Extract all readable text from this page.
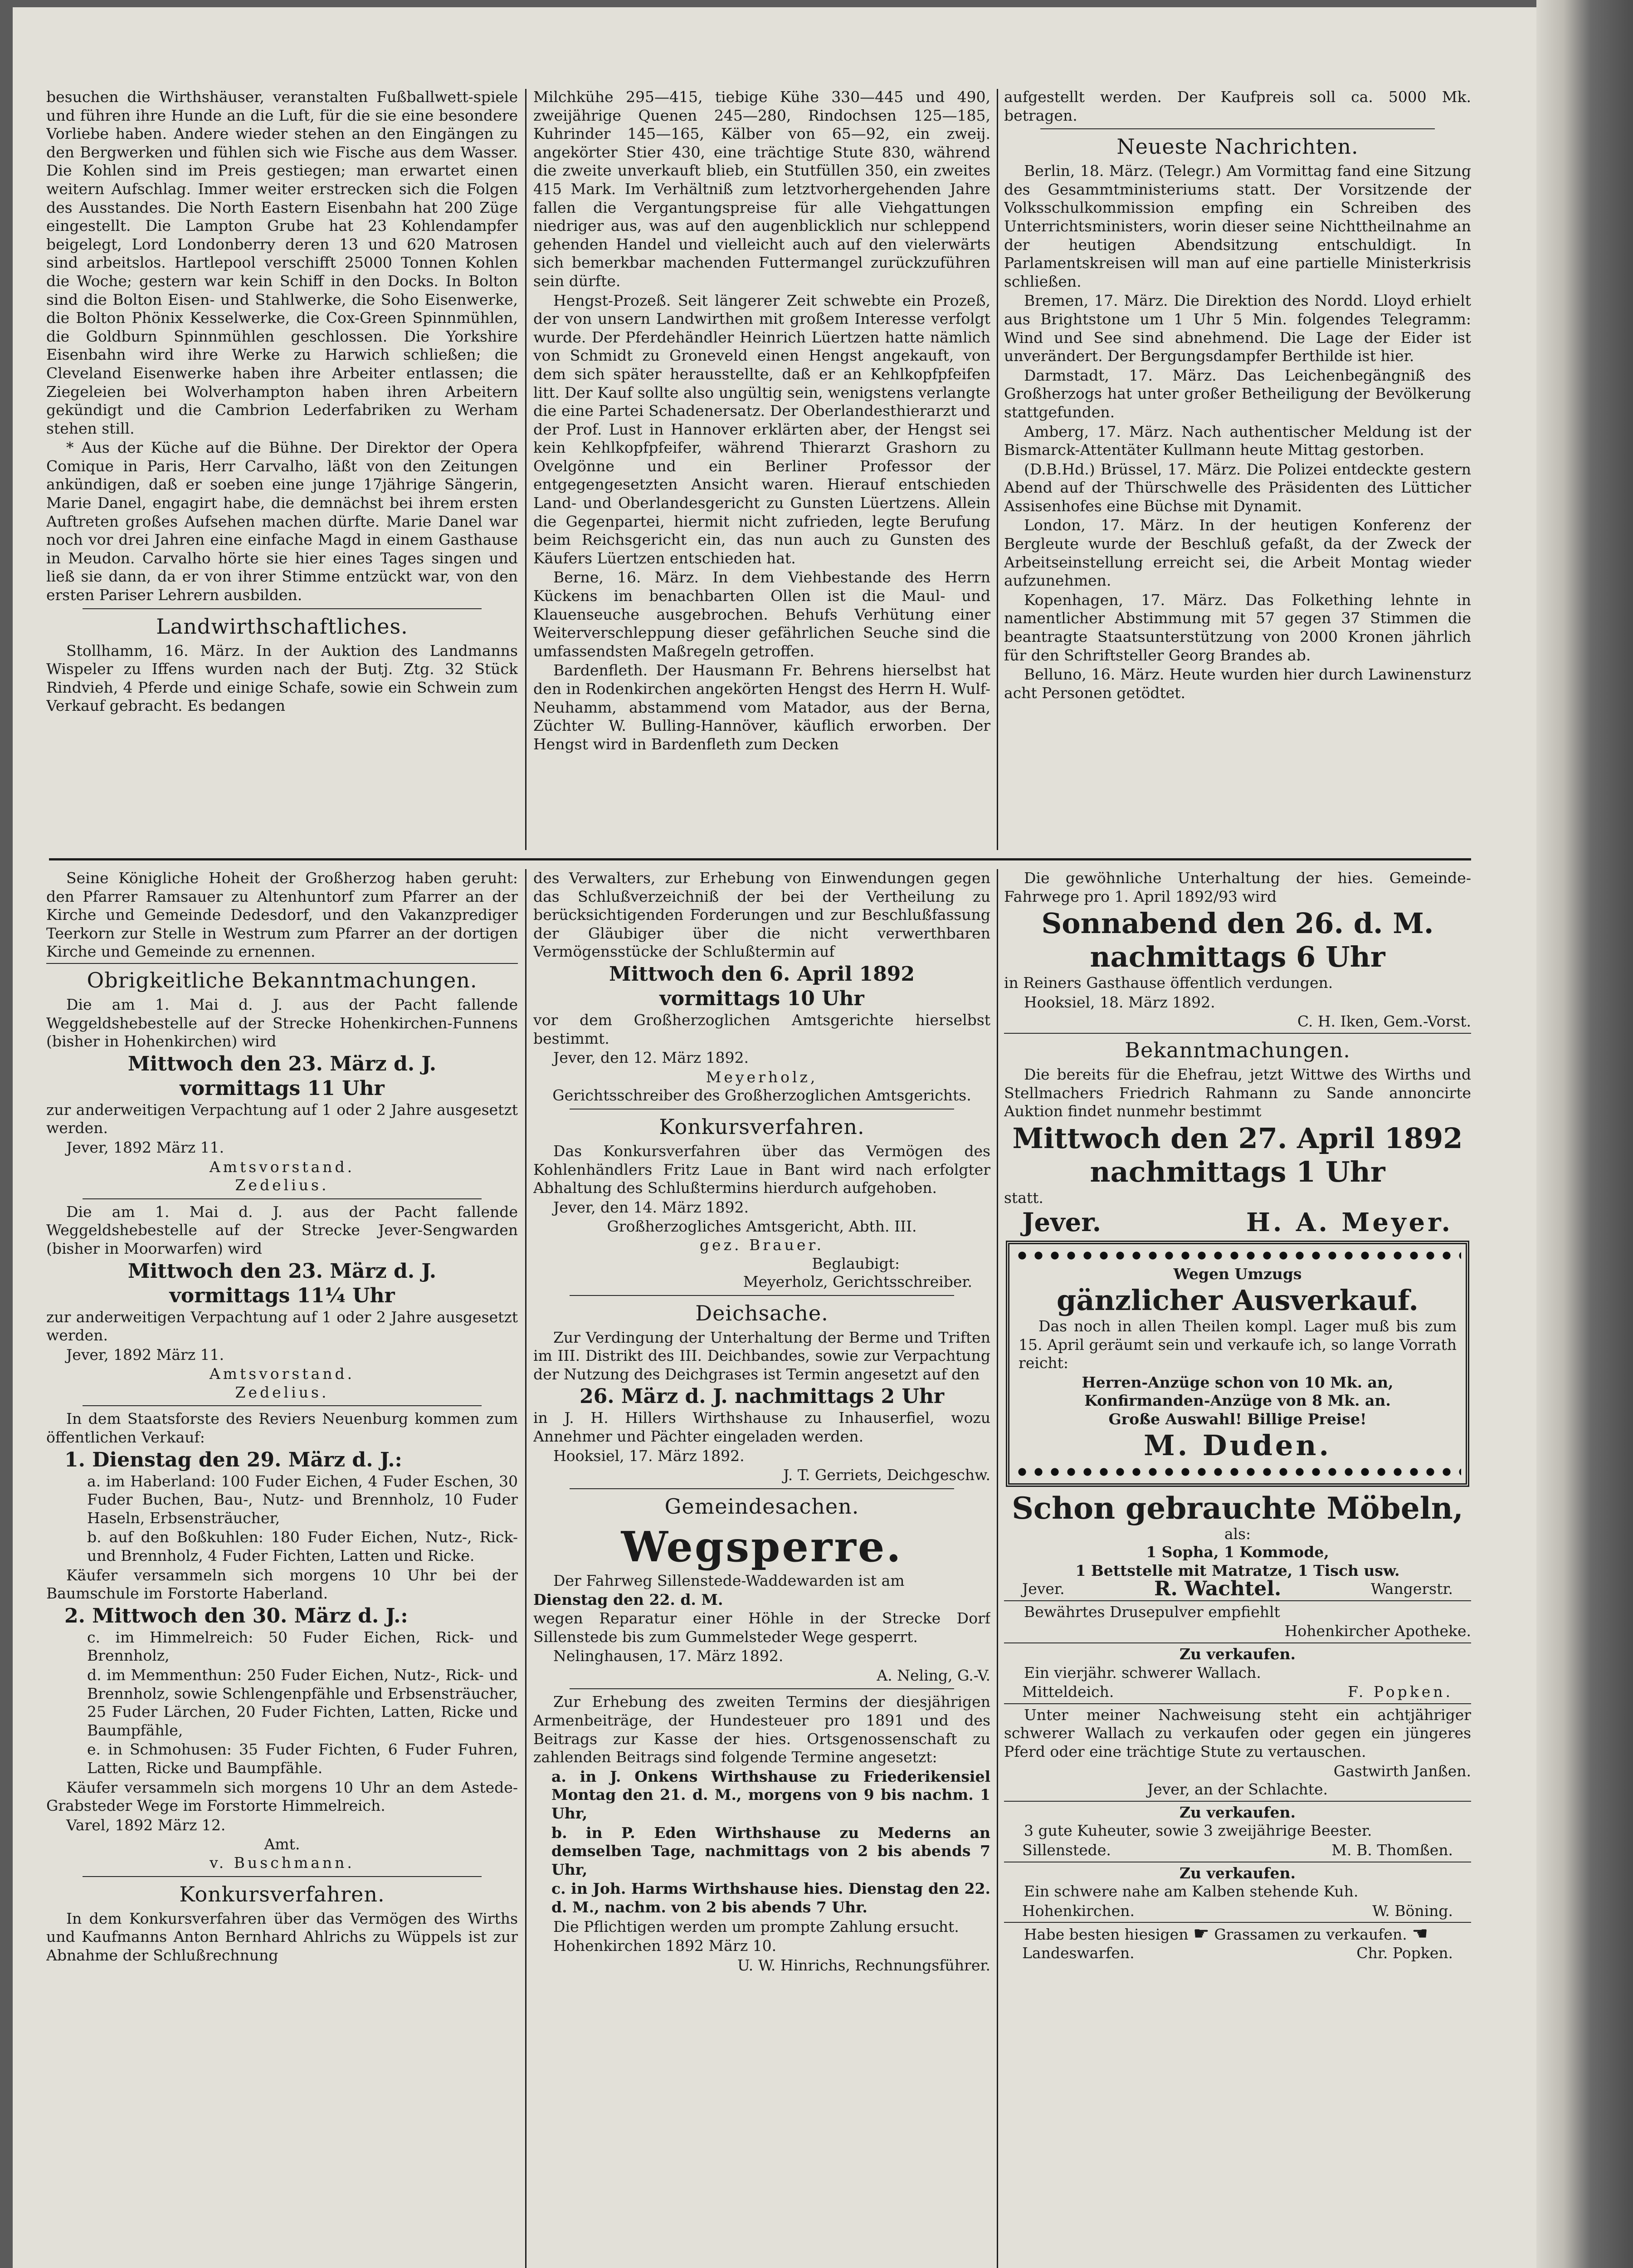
besuchen die Wirthshäuser, veranstalten Fußballwett-spiele und führen ihre Hunde an die Luft, für die sie eine besondere Vorliebe haben. Andere wieder stehen an den Eingängen zu den Bergwerken und fühlen sich wie Fische aus dem Wasser. Die Kohlen sind im Preis gestiegen; man erwartet einen weitern Aufschlag. Immer weiter erstrecken sich die Folgen des Ausstandes. Die North Eastern Eisenbahn hat 200 Züge eingestellt. Die Lampton Grube hat 23 Kohlendampfer beigelegt, Lord Londonberry deren 13 und 620 Matrosen sind arbeitslos. Hartlepool verschifft 25000 Tonnen Kohlen die Woche; gestern war kein Schiff in den Docks. In Bolton sind die Bolton Eisen- und Stahlwerke, die Soho Eisenwerke, die Bolton Phönix Kesselwerke, die Cox-Green Spinnmühlen, die Goldburn Spinnmühlen geschlossen. Die Yorkshire Eisenbahn wird ihre Werke zu Harwich schließen; die Cleveland Eisenwerke haben ihre Arbeiter entlassen; die Ziegeleien bei Wolverhampton haben ihren Arbeitern gekündigt und die Cambrion Lederfabriken zu Werham stehen still.

* Aus der Küche auf die Bühne. Der Direktor der Opera Comique in Paris, Herr Carvalho, läßt von den Zeitungen ankündigen, daß er soeben eine junge 17jährige Sängerin, Marie Danel, engagirt habe, die demnächst bei ihrem ersten Auftreten großes Aufsehen machen dürfte. Marie Danel war noch vor drei Jahren eine einfache Magd in einem Gasthause in Meudon. Carvalho hörte sie hier eines Tages singen und ließ sie dann, da er von ihrer Stimme entzückt war, von den ersten Pariser Lehrern ausbilden.

Landwirthschaftliches.

Stollhamm, 16. März. In der Auktion des Landmanns Wispeler zu Iffens wurden nach der Butj. Ztg. 32 Stück Rindvieh, 4 Pferde und einige Schafe, sowie ein Schwein zum Verkauf gebracht. Es bedangen

Milchkühe 295—415, tiebige Kühe 330—445 und 490, zweijährige Quenen 245—280, Rindochsen 125—185, Kuhrinder 145—165, Kälber von 65—92, ein zweij. angekörter Stier 430, eine trächtige Stute 830, während die zweite unverkauft blieb, ein Stutfüllen 350, ein zweites 415 Mark. Im Verhältniß zum letztvorhergehenden Jahre fallen die Vergantungspreise für alle Viehgattungen niedriger aus, was auf den augenblicklich nur schleppend gehenden Handel und vielleicht auch auf den vielerwärts sich bemerkbar machenden Futtermangel zurückzuführen sein dürfte.

Hengst-Prozeß. Seit längerer Zeit schwebte ein Prozeß, der von unsern Landwirthen mit großem Interesse verfolgt wurde. Der Pferdehändler Heinrich Lüertzen hatte nämlich von Schmidt zu Groneveld einen Hengst angekauft, von dem sich später herausstellte, daß er an Kehlkopfpfeifen litt. Der Kauf sollte also ungültig sein, wenigstens verlangte die eine Partei Schadenersatz. Der Oberlandesthierarzt und der Prof. Lust in Hannover erklärten aber, der Hengst sei kein Kehlkopfpfeifer, während Thierarzt Grashorn zu Ovelgönne und ein Berliner Professor der entgegengesetzten Ansicht waren. Hierauf entschieden Land- und Oberlandesgericht zu Gunsten Lüertzens. Allein die Gegenpartei, hiermit nicht zufrieden, legte Berufung beim Reichsgericht ein, das nun auch zu Gunsten des Käufers Lüertzen entschieden hat.

Berne, 16. März. In dem Viehbestande des Herrn Kückens im benachbarten Ollen ist die Maul- und Klauenseuche ausgebrochen. Behufs Verhütung einer Weiterverschleppung dieser gefährlichen Seuche sind die umfassendsten Maßregeln getroffen.

Bardenfleth. Der Hausmann Fr. Behrens hierselbst hat den in Rodenkirchen angekörten Hengst des Herrn H. Wulf-Neuhamm, abstammend vom Matador, aus der Berna, Züchter W. Bulling-Hannöver, käuflich erworben. Der Hengst wird in Bardenfleth zum Decken

aufgestellt werden. Der Kaufpreis soll ca. 5000 Mk. betragen.

Neueste Nachrichten.

Berlin, 18. März. (Telegr.) Am Vormittag fand eine Sitzung des Gesammtministeriums statt. Der Vorsitzende der Volksschulkommission empfing ein Schreiben des Unterrichtsministers, worin dieser seine Nichttheilnahme an der heutigen Abendsitzung entschuldigt. In Parlamentskreisen will man auf eine partielle Ministerkrisis schließen.

Bremen, 17. März. Die Direktion des Nordd. Lloyd erhielt aus Brightstone um 1 Uhr 5 Min. folgendes Telegramm: Wind und See sind abnehmend. Die Lage der Eider ist unverändert. Der Bergungsdampfer Berthilde ist hier.

Darmstadt, 17. März. Das Leichenbegängniß des Großherzogs hat unter großer Betheiligung der Bevölkerung stattgefunden.

Amberg, 17. März. Nach authentischer Meldung ist der Bismarck-Attentäter Kullmann heute Mittag gestorben.

(D.B.Hd.) Brüssel, 17. März. Die Polizei entdeckte gestern Abend auf der Thürschwelle des Präsidenten des Lütticher Assisenhofes eine Büchse mit Dynamit.

London, 17. März. In der heutigen Konferenz der Bergleute wurde der Beschluß gefaßt, da der Zweck der Arbeitseinstellung erreicht sei, die Arbeit Montag wieder aufzunehmen.

Kopenhagen, 17. März. Das Folkething lehnte in namentlicher Abstimmung mit 57 gegen 37 Stimmen die beantragte Staatsunterstützung von 2000 Kronen jährlich für den Schriftsteller Georg Brandes ab.

Belluno, 16. März. Heute wurden hier durch Lawinensturz acht Personen getödtet.

Seine Königliche Hoheit der Großherzog haben geruht: den Pfarrer Ramsauer zu Altenhuntorf zum Pfarrer an der Kirche und Gemeinde Dedesdorf, und den Vakanzprediger Teerkorn zur Stelle in Westrum zum Pfarrer an der dortigen Kirche und Gemeinde zu ernennen.

Obrigkeitliche Bekanntmachungen.

Die am 1. Mai d. J. aus der Pacht fallende Weggeldshebestelle auf der Strecke Hohenkirchen-Funnens (bisher in Hohenkirchen) wird

Mittwoch den 23. März d. J.
vormittags 11 Uhr

zur anderweitigen Verpachtung auf 1 oder 2 Jahre ausgesetzt werden.

Jever, 1892 März 11.

Amtsvorstand.
Zedelius.

Die am 1. Mai d. J. aus der Pacht fallende Weggeldshebestelle auf der Strecke Jever-Sengwarden (bisher in Moorwarfen) wird

Mittwoch den 23. März d. J.
vormittags 11¼ Uhr

zur anderweitigen Verpachtung auf 1 oder 2 Jahre ausgesetzt werden.

Jever, 1892 März 11.

Amtsvorstand.
Zedelius.

In dem Staatsforste des Reviers Neuenburg kommen zum öffentlichen Verkauf:

1. Dienstag den 29. März d. J.:

a. im Haberland: 100 Fuder Eichen, 4 Fuder Eschen, 30 Fuder Buchen, Bau-, Nutz- und Brennholz, 10 Fuder Haseln, Erbsensträucher,

b. auf den Boßkuhlen: 180 Fuder Eichen, Nutz-, Rick- und Brennholz, 4 Fuder Fichten, Latten und Ricke.

Käufer versammeln sich morgens 10 Uhr bei der Baumschule im Forstorte Haberland.

2. Mittwoch den 30. März d. J.:

c. im Himmelreich: 50 Fuder Eichen, Rick- und Brennholz,

d. im Memmenthun: 250 Fuder Eichen, Nutz-, Rick- und Brennholz, sowie Schlengenpfähle und Erbsensträucher, 25 Fuder Lärchen, 20 Fuder Fichten, Latten, Ricke und Baumpfähle,

e. in Schmohusen: 35 Fuder Fichten, 6 Fuder Fuhren, Latten, Ricke und Baumpfähle.

Käufer versammeln sich morgens 10 Uhr an dem Astede-Grabsteder Wege im Forstorte Himmelreich.

Varel, 1892 März 12.

Amt.
v. Buschmann.
Konkursverfahren.

In dem Konkursverfahren über das Vermögen des Wirths und Kaufmanns Anton Bernhard Ahlrichs zu Wüppels ist zur Abnahme der Schlußrechnung

des Verwalters, zur Erhebung von Einwendungen gegen das Schlußverzeichniß der bei der Vertheilung zu berücksichtigenden Forderungen und zur Beschlußfassung der Gläubiger über die nicht verwerthbaren Vermögensstücke der Schlußtermin auf

Mittwoch den 6. April 1892
vormittags 10 Uhr

vor dem Großherzoglichen Amtsgerichte hierselbst bestimmt.

Jever, den 12. März 1892.

Meyerholz,
Gerichtsschreiber des Großherzoglichen Amtsgerichts.
Konkursverfahren.

Das Konkursverfahren über das Vermögen des Kohlenhändlers Fritz Laue in Bant wird nach erfolgter Abhaltung des Schlußtermins hierdurch aufgehoben.

Jever, den 14. März 1892.

Großherzogliches Amtsgericht, Abth. III.
gez. Brauer.
Beglaubigt:
Meyerholz, Gerichtsschreiber.
Deichsache.

Zur Verdingung der Unterhaltung der Berme und Triften im III. Distrikt des III. Deichbandes, sowie zur Verpachtung der Nutzung des Deichgrases ist Termin angesetzt auf den

26. März d. J. nachmittags 2 Uhr

in J. H. Hillers Wirthshause zu Inhauserfiel, wozu Annehmer und Pächter eingeladen werden.

Hooksiel, 17. März 1892.

J. T. Gerriets, Deichgeschw.
Gemeindesachen.
Wegsperre.

Der Fahrweg Sillenstede-Waddewarden ist am

Dienstag den 22. d. M.

wegen Reparatur einer Höhle in der Strecke Dorf Sillenstede bis zum Gummelsteder Wege gesperrt.

Nelinghausen, 17. März 1892.

A. Neling, G.-V.

Zur Erhebung des zweiten Termins der diesjährigen Armenbeiträge, der Hundesteuer pro 1891 und des Beitrags zur Kasse der hies. Ortsgenossenschaft zu zahlenden Beitrags sind folgende Termine angesetzt:

a. in J. Onkens Wirthshause zu Friederikensiel Montag den 21. d. M., morgens von 9 bis nachm. 1 Uhr,

b. in P. Eden Wirthshause zu Mederns an demselben Tage, nachmittags von 2 bis abends 7 Uhr,

c. in Joh. Harms Wirthshause hies. Dienstag den 22. d. M., nachm. von 2 bis abends 7 Uhr.

Die Pflichtigen werden um prompte Zahlung ersucht.

Hohenkirchen 1892 März 10.

U. W. Hinrichs, Rechnungsführer.

Die gewöhnliche Unterhaltung der hies. Gemeinde-Fahrwege pro 1. April 1892/93 wird

Sonnabend den 26. d. M.
nachmittags 6 Uhr

in Reiners Gasthause öffentlich verdungen.

Hooksiel, 18. März 1892.

C. H. Iken, Gem.-Vorst.
Bekanntmachungen.

Die bereits für die Ehefrau, jetzt Wittwe des Wirths und Stellmachers Friedrich Rahmann zu Sande annoncirte Auktion findet nunmehr bestimmt

Mittwoch den 27. April 1892
nachmittags 1 Uhr
statt.
Jever.	H. A. Meyer.
Wegen Umzugs
gänzlicher Ausverkauf.

Das noch in allen Theilen kompl. Lager muß bis zum 15. April geräumt sein und verkaufe ich, so lange Vorrath reicht:

Herren-Anzüge schon von 10 Mk. an,
Konfirmanden-Anzüge von 8 Mk. an.
Große Auswahl! Billige Preise!
M. Duden.
Schon gebrauchte Möbeln,
als:
1 Sopha, 1 Kommode,
1 Bettstelle mit Matratze, 1 Tisch usw.
Jever.	R. Wachtel.	Wangerstr.

Bewährtes Drusepulver empfiehlt

Hohenkircher Apotheke.
Zu verkaufen.

Ein vierjähr. schwerer Wallach.

Mitteldeich.	F. Popken.

Unter meiner Nachweisung steht ein achtjähriger schwerer Wallach zu verkaufen oder gegen ein jüngeres Pferd oder eine trächtige Stute zu vertauschen.

Gastwirth Janßen.
Jever, an der Schlachte.
Zu verkaufen.

3 gute Kuheuter, sowie 3 zweijährige Beester.

Sillenstede.	M. B. Thomßen.
Zu verkaufen.

Ein schwere nahe am Kalben stehende Kuh.

Hohenkirchen.	W. Böning.
Habe besten hiesigen ☛ Grassamen zu verkaufen. ☚
Landeswarfen.	Chr. Popken.
